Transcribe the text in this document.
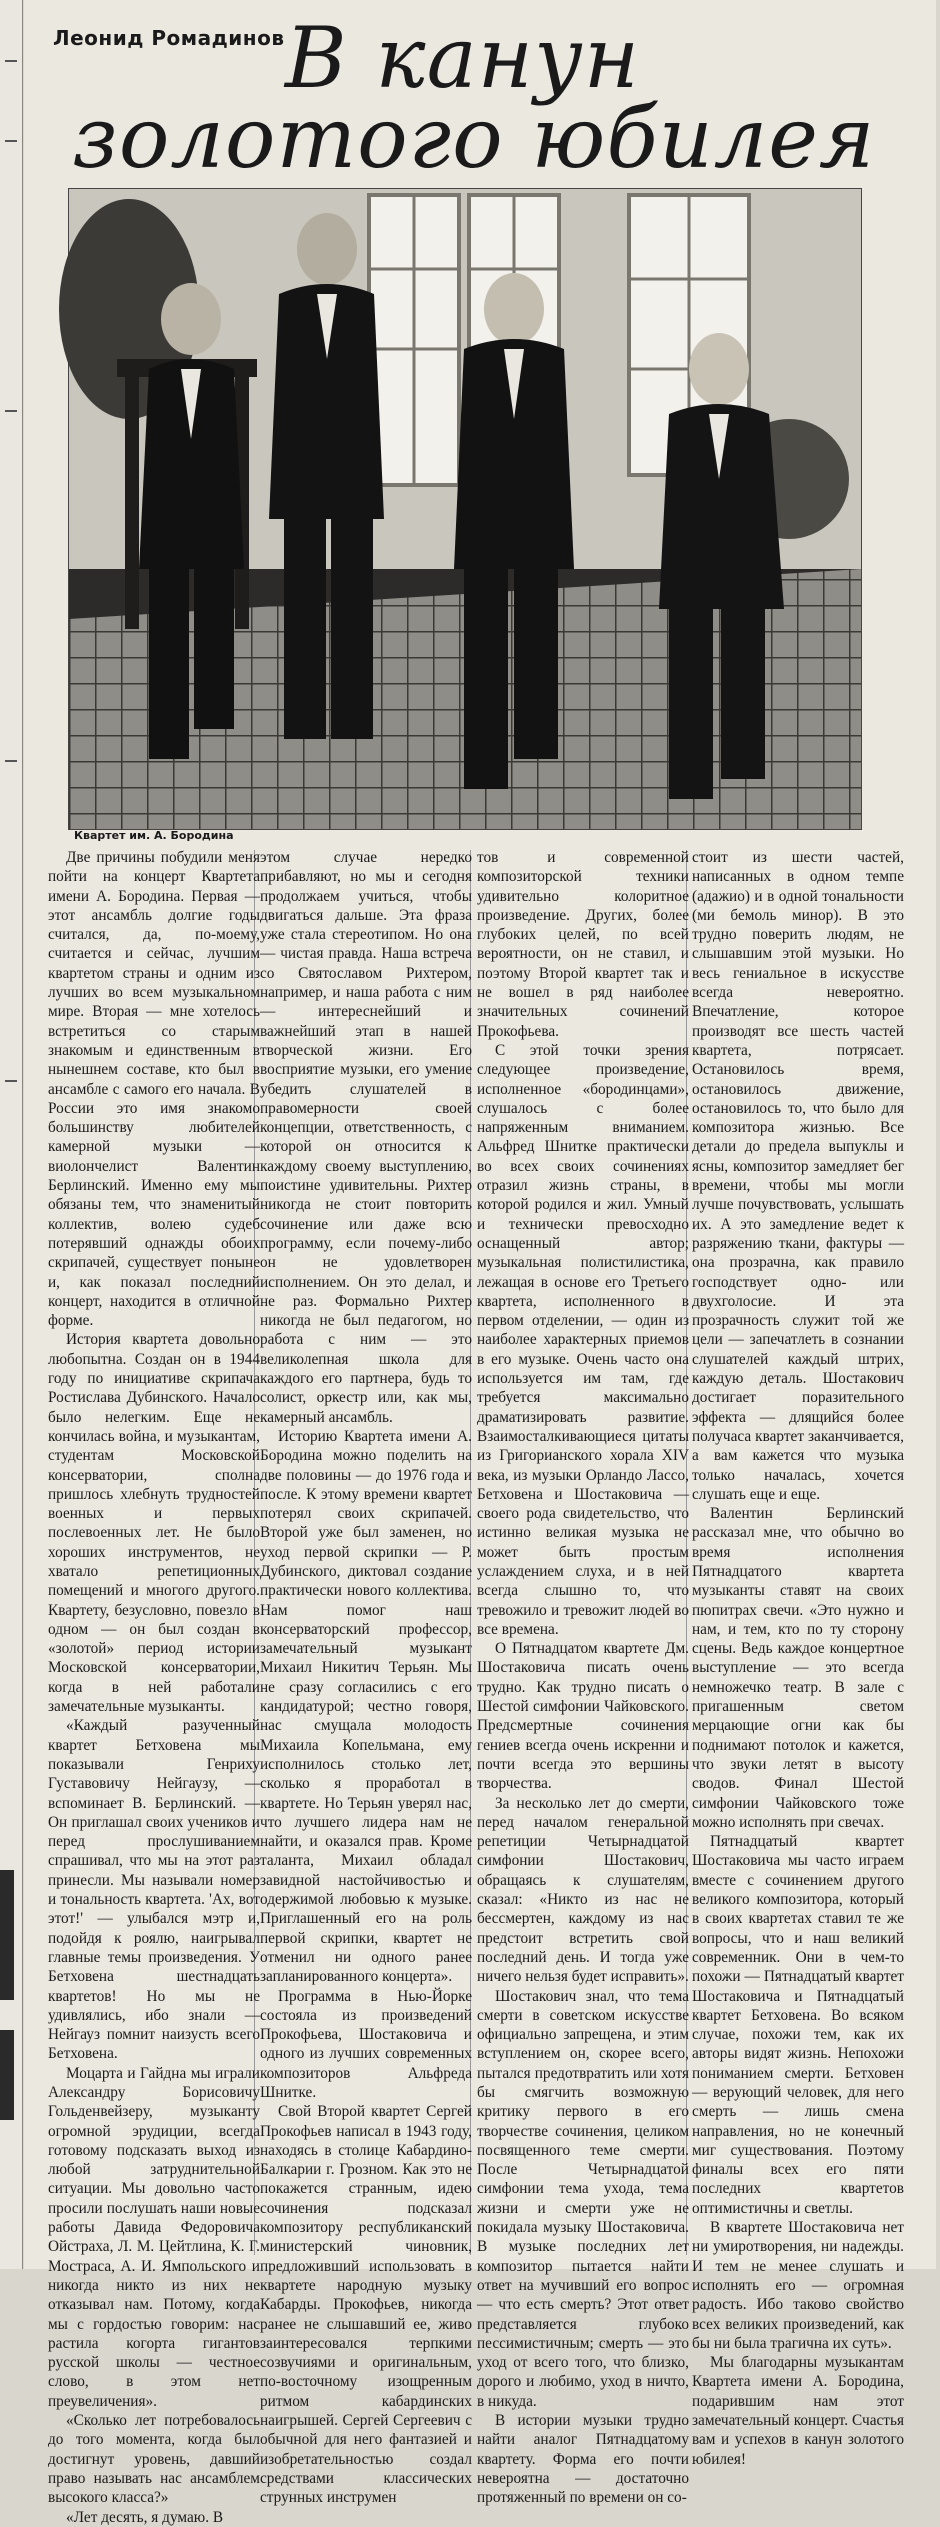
Леонид Ромадинов В канун
золотого юбилея
Квартет им. А. Бородина

Две причины побудили меня пойти на концерт Квартета имени А. Бородина. Первая — этот ансамбль долгие годы считался, да, по-моему, считается и сейчас, лучшим квартетом страны и одним из лучших во всем музыкальном мире. Вторая — мне хотелось встретиться со старым знакомым и единственным в нынешнем составе, кто был в ансамбле с самого его начала. В России это имя знакомо большинству любителей камерной музыки — виолончелист Валентин Берлинский. Именно ему мы обязаны тем, что знаменитый коллектив, волею судеб потерявший однажды обоих скрипачей, существует поныне и, как показал последний концерт, находится в отличной форме.

История квартета довольно любопытна. Создан он в 1944 году по инициативе скрипача Ростислава Дубинского. Начало было нелегким. Еще не кончилась война, и музыкантам, студентам Московской консерватории, сполна пришлось хлебнуть трудностей военных и первых послевоенных лет. Не было хороших инструментов, не хватало репетиционных помещений и многого другого. Квартету, безусловно, повезло в одном — он был создан в «золотой» период истории Московской консерватории, когда в ней работали замечательные музыканты.

«Каждый разученный квартет Бетховена мы показывали Генриху Густавовичу Нейгаузу, — вспоминает В. Берлинский. — Он приглашал своих учеников и перед прослушиванием спрашивал, что мы на этот раз принесли. Мы называли номер и тональность квартета. 'Ах, вот этот!' — улыбался мэтр и, подойдя к роялю, наигрывал главные темы произведения. У Бетховена шестнадцать квартетов! Но мы не удивлялись, ибо знали — Нейгауз помнит наизусть всего Бетховена.

Моцарта и Гайдна мы играли Александру Борисовичу Гольденвейзеру, музыканту огромной эрудиции, всегда готовому подсказать выход из любой затруднительной ситуации. Мы довольно часто просили послушать наши новые работы Давида Федоровича Ойстраха, Л. М. Цейтлина, К. Г. Мостраса, А. И. Ямпольского и никогда никто из них не отказывал нам. Потому, когда мы с гордостью говорим: нас растила когорта гигантов русской школы — честное слово, в этом нет преувеличения».

«Сколько лет потребовалось до того момента, когда был достигнут уровень, давший право называть нас ансамблем высокого класса?»

«Лет десять, я думаю. В

этом случае нередко прибавляют, но мы и сегодня продолжаем учиться, чтобы двигаться дальше. Эта фраза уже стала стереотипом. Но она — чистая правда. Наша встреча со Святославом Рихтером, например, и наша работа с ним — интереснейший и важнейший этап в нашей творческой жизни. Его восприятие музыки, его умение убедить слушателей в правомерности своей концепции, ответственность, с которой он относится к каждому своему выступлению, поистине удивительны. Рихтер никогда не стоит повторить сочинение или даже всю программу, если почему-либо он не удовлетворен исполнением. Он это делал, и не раз. Формально Рихтер никогда не был педагогом, но работа с ним — это великолепная школа для каждого его партнера, будь то солист, оркестр или, как мы, камерный ансамбль.

Историю Квартета имени А. Бородина можно поделить на две половины — до 1976 года и после. К этому времени квартет потерял своих скрипачей. Второй уже был заменен, но уход первой скрипки — Р. Дубинского, диктовал создание практически нового коллектива. Нам помог наш консерваторский профессор, замечательный музыкант Михаил Никитич Терьян. Мы не сразу согласились с его кандидатурой; честно говоря, нас смущала молодость Михаила Копельмана, ему исполнилось столько лет, сколько я проработал в квартете. Но Терьян уверял нас, что лучшего лидера нам не найти, и оказался прав. Кроме таланта, Михаил обладал завидной настойчивостью и одержимой любовью к музыке. Приглашенный его на роль первой скрипки, квартет не отменил ни одного ранее запланированного концерта».

Программа в Нью-Йорке состояла из произведений Прокофьева, Шостаковича и одного из лучших современных композиторов Альфреда Шнитке.

Свой Второй квартет Сергей Прокофьев написал в 1943 году, находясь в столице Кабардино-Балкарии г. Грозном. Как это не покажется странным, идею сочинения подсказал композитору республиканский министерский чиновник, предложивший использовать в квартете народную музыку Кабарды. Прокофьев, никогда ранее не слышавший ее, живо заинтересовался терпкими созвучиями и оригинальным, по-восточному изощренным ритмом кабардинских наигрышей. Сергей Сергеевич с обычной для него фантазией и изобретательностью создал средствами классических струнных инструмен

тов и современной композиторской техники удивительно колоритное произведение. Других, более глубоких целей, по всей вероятности, он не ставил, и поэтому Второй квартет так и не вошел в ряд наиболее значительных сочинений Прокофьева.

С этой точки зрения следующее произведение, исполненное «бородинцами», слушалось с более напряженным вниманием. Альфред Шнитке практически во всех своих сочинениях отразил жизнь страны, в которой родился и жил. Умный и технически превосходно оснащенный автор; музыкальная полистилистика, лежащая в основе его Третьего квартета, исполненного в первом отделении, — один из наиболее характерных приемов в его музыке. Очень часто она используется им там, где требуется максимально драматизировать развитие. Взаимосталкивающиеся цитаты из Григорианского хорала XIV века, из музыки Орландо Лассо, Бетховена и Шостаковича — своего рода свидетельство, что истинно великая музыка не может быть простым услаждением слуха, и в ней всегда слышно то, что тревожило и тревожит людей во все времена.

О Пятнадцатом квартете Дм. Шостаковича писать очень трудно. Как трудно писать о Шестой симфонии Чайковского. Предсмертные сочинения гениев всегда очень искренни и почти всегда это вершины творчества.

За несколько лет до смерти, перед началом генеральной репетиции Четырнадцатой симфонии Шостакович, обращаясь к слушателям, сказал: «Никто из нас не бессмертен, каждому из нас предстоит встретить свой последний день. И тогда уже ничего нельзя будет исправить».

Шостакович знал, что тема смерти в советском искусстве официально запрещена, и этим вступлением он, скорее всего, пытался предотвратить или хотя бы смягчить возможную критику первого в его творчестве сочинения, целиком посвященного теме смерти. После Четырнадцатой симфонии тема ухода, тема жизни и смерти уже не покидала музыку Шостаковича. В музыке последних лет композитор пытается найти ответ на мучивший его вопрос — что есть смерть? Этот ответ представляется глубоко пессимистичным; смерть — это уход от всего того, что близко, дорого и любимо, уход в ничто, в никуда.

В истории музыки трудно найти аналог Пятнадцатому квартету. Форма его почти невероятна — достаточно протяженный по времени он со-

стоит из шести частей, написанных в одном темпе (адажио) и в одной тональности (ми бемоль минор). В это трудно поверить людям, не слышавшим этой музыки. Но весь гениальное в искусстве всегда невероятно. Впечатление, которое производят все шесть частей квартета, потрясает. Остановилось время, остановилось движение, остановилось то, что было для композитора жизнью. Все детали до предела выпуклы и ясны, композитор замедляет бег времени, чтобы мы могли лучше почувствовать, услышать их. А это замедление ведет к разряжению ткани, фактуры — она прозрачна, как правило господствует одно- или двухголосие. И эта прозрачность служит той же цели — запечатлеть в сознании слушателей каждый штрих, каждую деталь. Шостакович достигает поразительного эффекта — длящийся более получаса квартет заканчивается, а вам кажется что музыка только началась, хочется слушать еще и еще.

Валентин Берлинский рассказал мне, что обычно во время исполнения Пятнадцатого квартета музыканты ставят на своих пюпитрах свечи. «Это нужно и нам, и тем, кто по ту сторону сцены. Ведь каждое концертное выступление — это всегда немножечко театр. В зале с пригашенным светом мерцающие огни как бы поднимают потолок и кажется, что звуки летят в высоту сводов. Финал Шестой симфонии Чайковского тоже можно исполнять при свечах.

Пятнадцатый квартет Шостаковича мы часто играем вместе с сочинением другого великого композитора, который в своих квартетах ставил те же вопросы, что и наш великий современник. Они в чем-то похожи — Пятнадцатый квартет Шостаковича и Пятнадцатый квартет Бетховена. Во всяком случае, похожи тем, как их авторы видят жизнь. Непохожи пониманием смерти. Бетховен — верующий человек, для него смерть — лишь смена направления, но не конечный миг существования. Поэтому финалы всех его пяти последних квартетов оптимистичны и светлы.

В квартете Шостаковича нет ни умиротворения, ни надежды. И тем не менее слушать и исполнять его — огромная радость. Ибо таково свойство всех великих произведений, как бы ни была трагична их суть».

Мы благодарны музыкантам Квартета имени А. Бородина, подарившим нам этот замечательный концерт. Счастья вам и успехов в канун золотого юбилея!
